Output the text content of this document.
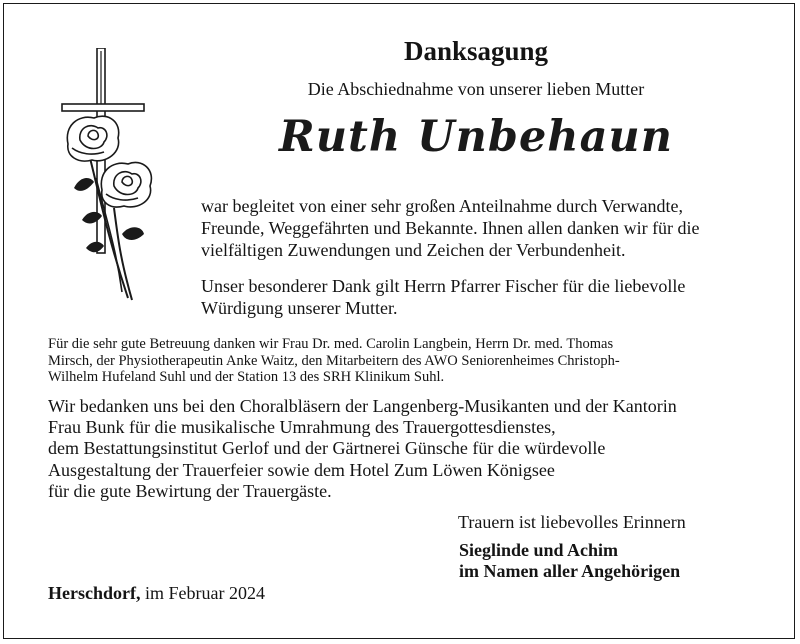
Danksagung
Die Abschiednahme von unserer lieben Mutter
Ruth Unbehaun
war begleitet von einer sehr großen Anteilnahme durch Verwandte,
Freunde, Weggefährten und Bekannte. Ihnen allen danken wir für die
vielfältigen Zuwendungen und Zeichen der Verbundenheit.
Unser besonderer Dank gilt Herrn Pfarrer Fischer für die liebevolle
Würdigung unserer Mutter.
Für die sehr gute Betreuung danken wir Frau Dr. med. Carolin Langbein, Herrn Dr. med. Thomas
Mirsch, der Physiotherapeutin Anke Waitz, den Mitarbeitern des AWO Seniorenheimes Christoph-
Wilhelm Hufeland Suhl und der Station 13 des SRH Klinikum Suhl.
Wir bedanken uns bei den Choralbläsern der Langenberg-Musikanten und der Kantorin
Frau Bunk für die musikalische Umrahmung des Trauergottesdienstes,
dem Bestattungsinstitut Gerlof und der Gärtnerei Günsche für die würdevolle
Ausgestaltung der Trauerfeier sowie dem Hotel Zum Löwen Königsee
für die gute Bewirtung der Trauergäste.
Trauern ist liebevolles Erinnern
Sieglinde und Achim
im Namen aller Angehörigen
Herschdorf, im Februar 2024
